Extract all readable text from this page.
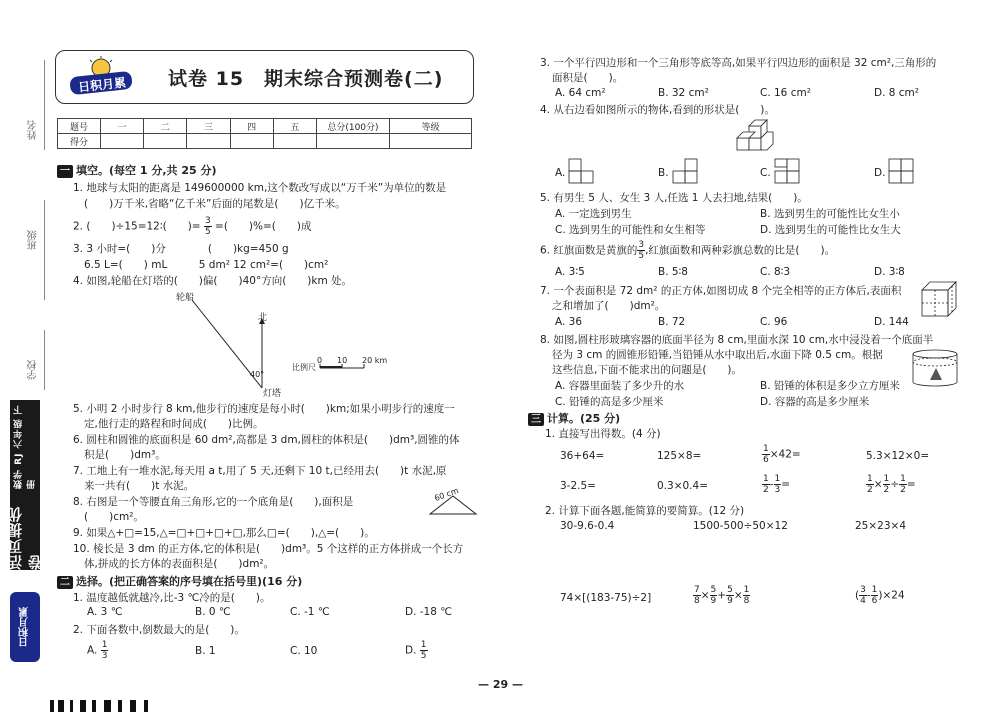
姓名
班级
学校
活页提优卷
数学 RJ 六年级 下册
日积月累
日积月累 试卷 15　期末综合预测卷(二)
题号	一	二	三	四	五	总分(100分)	等级
得分							
一 填空。(每空 1 分,共 25 分)
1. 地球与太阳的距离是 149600000 km,这个数改写成以“万千米”为单位的数是
(　　)万千米,省略“亿千米”后面的尾数是(　　)亿千米。
2. (　　)÷15=12∶(　　)= $\frac{3}{5}$ =(　　)%=(　　)成
3. 3 小时=(　　)分　　　　(　　)kg=450 g
6.5 L=(　　) mL　　　5 dm² 12 cm²=(　　)cm²
4. 如图,轮船在灯塔的(　　)偏(　　)40°方向(　　)km 处。
轮船
北
40°
灯塔
比例尺
0 10 20 km
5. 小明 2 小时步行 8 km,他步行的速度是每小时(　　)km;如果小明步行的速度一
定,他行走的路程和时间成(　　)比例。
6. 圆柱和圆锥的底面积是 60 dm²,高都是 3 dm,圆柱的体积是(　　)dm³,圆锥的体
积是(　　)dm³。
7. 工地上有一堆水泥,每天用 a t,用了 5 天,还剩下 10 t,已经用去(　　)t 水泥,原
来一共有(　　)t 水泥。
8. 右图是一个等腰直角三角形,它的一个底角是(　　),面积是
(　　)cm²。
60 cm
9. 如果△+□=15,△=□+□+□+□,那么□=(　　),△=(　　)。
10. 棱长是 3 dm 的正方体,它的体积是(　　)dm³。5 个这样的正方体拼成一个长方
体,拼成的长方体的表面积是(　　)dm²。
二 选择。(把正确答案的序号填在括号里)(16 分)
1. 温度越低就越冷,比-3 ℃冷的是(　　)。
A. 3 ℃	B. 0 ℃	C. -1 ℃	D. -18 ℃
2. 下面各数中,倒数最大的是(　　)。
A. $\frac{1}{3}$	B. 1	C. 10	D. $\frac{1}{5}$
3. 一个平行四边形和一个三角形等底等高,如果平行四边形的面积是 32 cm²,三角形的
面积是(　　)。
A. 64 cm²	B. 32 cm²	C. 16 cm²	D. 8 cm²
4. 从右边看如图所示的物体,看到的形状是(　　)。
A.	B.	C.	D.
5. 有男生 5 人、女生 3 人,任选 1 人去扫地,结果(　　)。
A. 一定选到男生	B. 选到男生的可能性比女生小
C. 选到男生的可能性和女生相等	D. 选到男生的可能性比女生大
6. 红旗面数是黄旗的 $\frac{3}{5}$ ,红旗面数和两种彩旗总数的比是(　　)。
A. 3∶5	B. 5∶8	C. 8∶3	D. 3∶8
7. 一个表面积是 72 dm² 的正方体,如图切成 8 个完全相等的正方体后,表面积
之和增加了(　　)dm²。
A. 36	B. 72	C. 96	D. 144
8. 如图,圆柱形玻璃容器的底面半径为 8 cm,里面水深 10 cm,水中浸没着一个底面半
径为 3 cm 的圆锥形铅锤,当铅锤从水中取出后,水面下降 0.5 cm。根据
这些信息,下面不能求出的问题是(　　)。
A. 容器里面装了多少升的水	B. 铅锤的体积是多少立方厘米
C. 铅锤的高是多少厘米	D. 容器的高是多少厘米
三 计算。(25 分)
1. 直接写出得数。(4 分)
36+64=	125×8=	$\frac{1}{6} \times 42=$	5.3×12×0=
3-2.5=	0.3×0.4=	$\frac{1}{2} - \frac{1}{3}$ =	$\frac{1}{2} \times \frac{1}{2} \div \frac{1}{2}$ =
2. 计算下面各题,能简算的要简算。(12 分)
30-9.6-0.4	1500-500÷50×12	25×23×4
74×[(183-75)÷2]	$\frac{7}{8} \times \frac{5}{9} + \frac{5}{9} \times \frac{1}{8}$	( $\frac{3}{4} - \frac{1}{6} )\times 24$
— 29 —
